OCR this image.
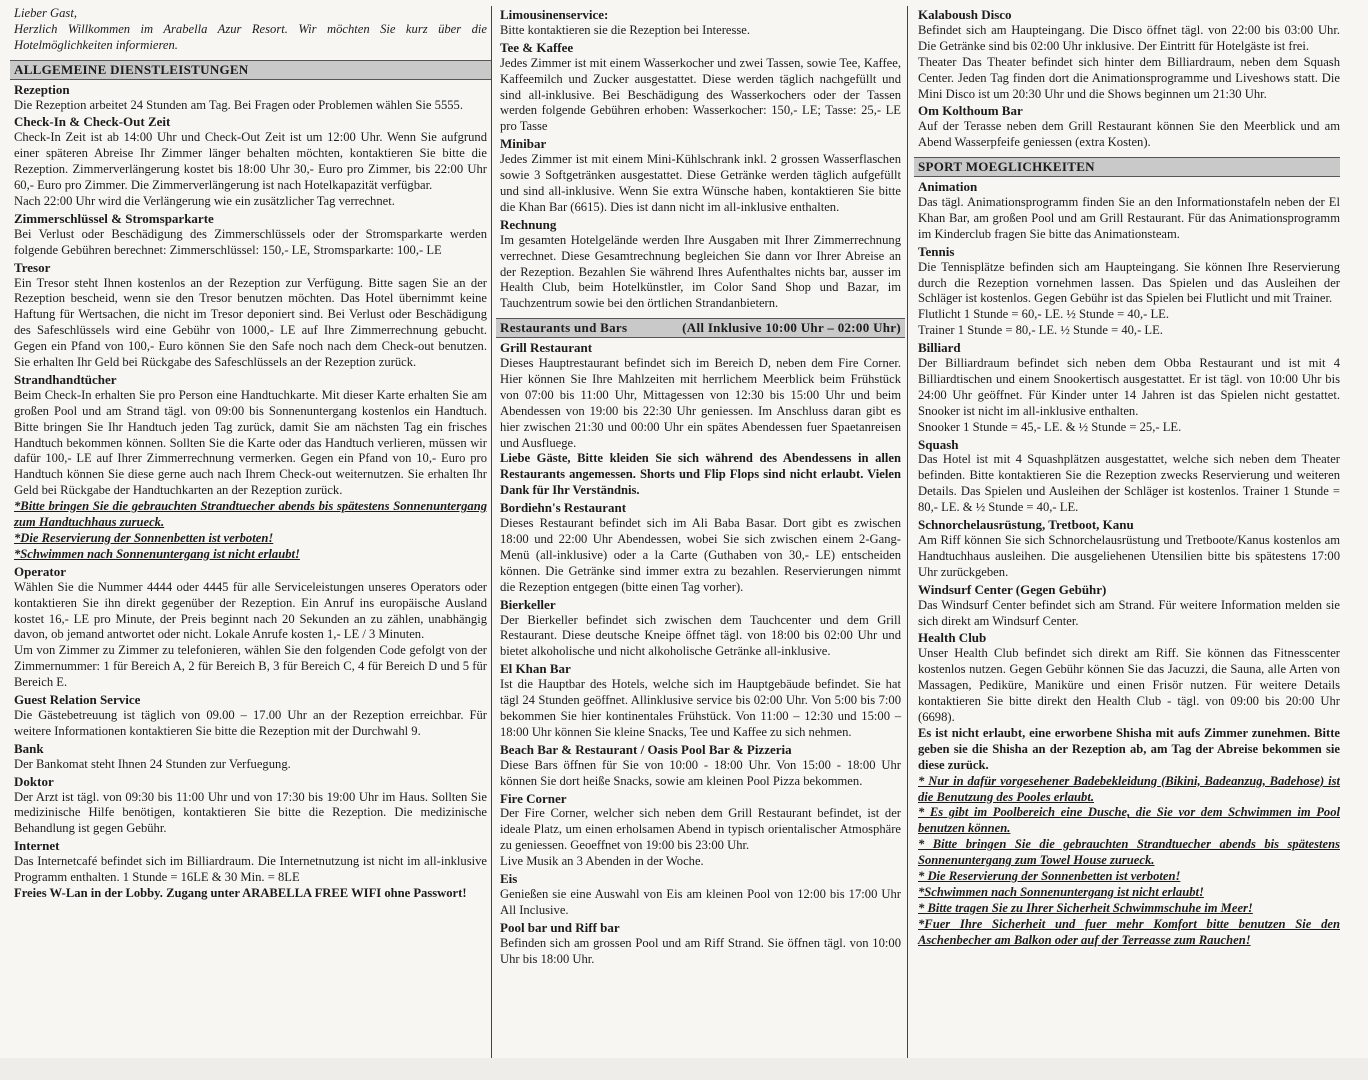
Lieber Gast,
Herzlich Willkommen im Arabella Azur Resort. Wir möchten Sie kurz über die Hotelmöglichkeiten informieren.

ALLGEMEINE DIENSTLEISTUNGEN
Rezeption

Die Rezeption arbeitet 24 Stunden am Tag. Bei Fragen oder Problemen wählen Sie 5555.

Check-In & Check-Out Zeit

Check-In Zeit ist ab 14:00 Uhr und Check-Out Zeit ist um 12:00 Uhr. Wenn Sie aufgrund einer späteren Abreise Ihr Zimmer länger behalten möchten, kontaktieren Sie bitte die Rezeption. Zimmerverlängerung kostet bis 18:00 Uhr 30,- Euro pro Zimmer, bis 22:00 Uhr 60,- Euro pro Zimmer. Die Zimmerverlängerung ist nach Hotelkapazität verfügbar.
Nach 22:00 Uhr wird die Verlängerung wie ein zusätzlicher Tag verrechnet.

Zimmerschlüssel & Stromsparkarte

Bei Verlust oder Beschädigung des Zimmerschlüssels oder der Stromsparkarte werden folgende Gebühren berechnet: Zimmerschlüssel: 150,- LE, Stromsparkarte: 100,- LE

Tresor

Ein Tresor steht Ihnen kostenlos an der Rezeption zur Verfügung. Bitte sagen Sie an der Rezeption bescheid, wenn sie den Tresor benutzen möchten. Das Hotel übernimmt keine Haftung für Wertsachen, die nicht im Tresor deponiert sind. Bei Verlust oder Beschädigung des Safeschlüssels wird eine Gebühr von 1000,- LE auf Ihre Zimmerrechnung gebucht. Gegen ein Pfand von 100,- Euro können Sie den Safe noch nach dem Check-out benutzen. Sie erhalten Ihr Geld bei Rückgabe des Safeschlüssels an der Rezeption zurück.

Strandhandtücher

Beim Check-In erhalten Sie pro Person eine Handtuchkarte. Mit dieser Karte erhalten Sie am großen Pool und am Strand tägl. von 09:00 bis Sonnenuntergang kostenlos ein Handtuch. Bitte bringen Sie Ihr Handtuch jeden Tag zurück, damit Sie am nächsten Tag ein frisches Handtuch bekommen können. Sollten Sie die Karte oder das Handtuch verlieren, müssen wir dafür 100,- LE auf Ihrer Zimmerrechnung vermerken. Gegen ein Pfand von 10,- Euro pro Handtuch können Sie diese gerne auch nach Ihrem Check-out weiternutzen. Sie erhalten Ihr Geld bei Rückgabe der Handtuchkarten an der Rezeption zurück.

*Bitte bringen Sie die gebrauchten Strandtuecher abends bis spätestens Sonnenuntergang zum Handtuchhaus zurueck.

*Die Reservierung der Sonnenbetten ist verboten!

*Schwimmen nach Sonnenuntergang ist nicht erlaubt!

Operator

Wählen Sie die Nummer 4444 oder 4445 für alle Serviceleistungen unseres Operators oder kontaktieren Sie ihn direkt gegenüber der Rezeption. Ein Anruf ins europäische Ausland kostet 16,- LE pro Minute, der Preis beginnt nach 20 Sekunden an zu zählen, unabhängig davon, ob jemand antwortet oder nicht. Lokale Anrufe kosten 1,- LE / 3 Minuten.
Um von Zimmer zu Zimmer zu telefonieren, wählen Sie den folgenden Code gefolgt von der Zimmernummer: 1 für Bereich A, 2 für Bereich B, 3 für Bereich C, 4 für Bereich D und 5 für Bereich E.

Guest Relation Service

Die Gästebetreuung ist täglich von 09.00 – 17.00 Uhr an der Rezeption erreichbar. Für weitere Informationen kontaktieren Sie bitte die Rezeption mit der Durchwahl 9.

Bank

Der Bankomat steht Ihnen 24 Stunden zur Verfuegung.

Doktor

Der Arzt ist tägl. von 09:30 bis 11:00 Uhr und von 17:30 bis 19:00 Uhr im Haus. Sollten Sie medizinische Hilfe benötigen, kontaktieren Sie bitte die Rezeption. Die medizinische Behandlung ist gegen Gebühr.

Internet

Das Internetcafé befindet sich im Billiardraum. Die Internetnutzung ist nicht im all-inklusive Programm enthalten. 1 Stunde = 16LE & 30 Min. = 8LE

Freies W-Lan in der Lobby. Zugang unter ARABELLA FREE WIFI ohne Passwort!

Limousinenservice:

Bitte kontaktieren sie die Rezeption bei Interesse.

Tee & Kaffee

Jedes Zimmer ist mit einem Wasserkocher und zwei Tassen, sowie Tee, Kaffee, Kaffeemilch und Zucker ausgestattet. Diese werden täglich nachgefüllt und sind all-inklusive. Bei Beschädigung des Wasserkochers oder der Tassen werden folgende Gebühren erhoben: Wasserkocher: 150,- LE; Tasse: 25,- LE pro Tasse

Minibar

Jedes Zimmer ist mit einem Mini-Kühlschrank inkl. 2 grossen Wasserflaschen sowie 3 Softgetränken ausgestattet. Diese Getränke werden täglich aufgefüllt und sind all-inklusive. Wenn Sie extra Wünsche haben, kontaktieren Sie bitte die Khan Bar (6615). Dies ist dann nicht im all-inklusive enthalten.

Rechnung

Im gesamten Hotelgelände werden Ihre Ausgaben mit Ihrer Zimmerrechnung verrechnet. Diese Gesamtrechnung begleichen Sie dann vor Ihrer Abreise an der Rezeption. Bezahlen Sie während Ihres Aufenthaltes nichts bar, ausser im Health Club, beim Hotelkünstler, im Color Sand Shop und Bazar, im Tauchzentrum sowie bei den örtlichen Strandanbietern.

Restaurants und Bars	(All Inklusive 10:00 Uhr – 02:00 Uhr)
Grill Restaurant

Dieses Hauptrestaurant befindet sich im Bereich D, neben dem Fire Corner. Hier können Sie Ihre Mahlzeiten mit herrlichem Meerblick beim Frühstück von 07:00 bis 11:00 Uhr, Mittagessen von 12:30 bis 15:00 Uhr und beim Abendessen von 19:00 bis 22:30 Uhr geniessen. Im Anschluss daran gibt es hier zwischen 21:30 und 00:00 Uhr ein spätes Abendessen fuer Spaetanreisen und Ausfluege.

Liebe Gäste, Bitte kleiden Sie sich während des Abendessens in allen Restaurants angemessen. Shorts und Flip Flops sind nicht erlaubt. Vielen Dank für Ihr Verständnis.

Bordiehn's Restaurant

Dieses Restaurant befindet sich im Ali Baba Basar. Dort gibt es zwischen 18:00 und 22:00 Uhr Abendessen, wobei Sie sich zwischen einem 2-Gang-Menü (all-inklusive) oder a la Carte (Guthaben von 30,- LE) entscheiden können. Die Getränke sind immer extra zu bezahlen. Reservierungen nimmt die Rezeption entgegen (bitte einen Tag vorher).

Bierkeller

Der Bierkeller befindet sich zwischen dem Tauchcenter und dem Grill Restaurant. Diese deutsche Kneipe öffnet tägl. von 18:00 bis 02:00 Uhr und bietet alkoholische und nicht alkoholische Getränke all-inklusive.

El Khan Bar

Ist die Hauptbar des Hotels, welche sich im Hauptgebäude befindet. Sie hat tägl 24 Stunden geöffnet. Allinklusive service bis 02:00 Uhr. Von 5:00 bis 7:00 bekommen Sie hier kontinentales Frühstück. Von 11:00 – 12:30 und 15:00 – 18:00 Uhr können Sie kleine Snacks, Tee und Kaffee zu sich nehmen.

Beach Bar & Restaurant / Oasis Pool Bar & Pizzeria

Diese Bars öffnen für Sie von 10:00 - 18:00 Uhr. Von 15:00 - 18:00 Uhr können Sie dort heiße Snacks, sowie am kleinen Pool Pizza bekommen.

Fire Corner

Der Fire Corner, welcher sich neben dem Grill Restaurant befindet, ist der ideale Platz, um einen erholsamen Abend in typisch orientalischer Atmosphäre zu geniessen. Geoeffnet von 19:00 bis 23:00 Uhr.
Live Musik an 3 Abenden in der Woche.

Eis

Genießen sie eine Auswahl von Eis am kleinen Pool von 12:00 bis 17:00 Uhr All Inclusive.

Pool bar und Riff bar

Befinden sich am grossen Pool und am Riff Strand. Sie öffnen tägl. von 10:00 Uhr bis 18:00 Uhr.

Kalaboush Disco

Befindet sich am Haupteingang. Die Disco öffnet tägl. von 22:00 bis 03:00 Uhr. Die Getränke sind bis 02:00 Uhr inklusive. Der Eintritt für Hotelgäste ist frei.
Theater Das Theater befindet sich hinter dem Billiardraum, neben dem Squash Center. Jeden Tag finden dort die Animationsprogramme und Liveshows statt. Die Mini Disco ist um 20:30 Uhr und die Shows beginnen um 21:30 Uhr.

Om Kolthoum Bar

Auf der Terasse neben dem Grill Restaurant können Sie den Meerblick und am Abend Wasserpfeife geniessen (extra Kosten).

SPORT MOEGLICHKEITEN
Animation

Das tägl. Animationsprogramm finden Sie an den Informationstafeln neben der El Khan Bar, am großen Pool und am Grill Restaurant. Für das Animationsprogramm im Kinderclub fragen Sie bitte das Animationsteam.

Tennis

Die Tennisplätze befinden sich am Haupteingang. Sie können Ihre Reservierung durch die Rezeption vornehmen lassen. Das Spielen und das Ausleihen der Schläger ist kostenlos. Gegen Gebühr ist das Spielen bei Flutlicht und mit Trainer.
Flutlicht 1 Stunde = 60,- LE. ½ Stunde = 40,- LE.
Trainer 1 Stunde = 80,- LE. ½ Stunde = 40,- LE.

Billiard

Der Billiardraum befindet sich neben dem Obba Restaurant und ist mit 4 Billiardtischen und einem Snookertisch ausgestattet. Er ist tägl. von 10:00 Uhr bis 24:00 Uhr geöffnet. Für Kinder unter 14 Jahren ist das Spielen nicht gestattet. Snooker ist nicht im all-inklusive enthalten.
Snooker 1 Stunde = 45,- LE. & ½ Stunde = 25,- LE.

Squash

Das Hotel ist mit 4 Squashplätzen ausgestattet, welche sich neben dem Theater befinden. Bitte kontaktieren Sie die Rezeption zwecks Reservierung und weiteren Details. Das Spielen und Ausleihen der Schläger ist kostenlos. Trainer 1 Stunde = 80,- LE. & ½ Stunde = 40,- LE.

Schnorchelausrüstung, Tretboot, Kanu

Am Riff können Sie sich Schnorchelausrüstung und Tretboote/Kanus kostenlos am Handtuchhaus ausleihen. Die ausgeliehenen Utensilien bitte bis spätestens 17:00 Uhr zurückgeben.

Windsurf Center (Gegen Gebühr)

Das Windsurf Center befindet sich am Strand. Für weitere Information melden sie sich direkt am Windsurf Center.

Health Club

Unser Health Club befindet sich direkt am Riff. Sie können das Fitnesscenter kostenlos nutzen. Gegen Gebühr können Sie das Jacuzzi, die Sauna, alle Arten von Massagen, Pediküre, Maniküre und einen Frisör nutzen. Für weitere Details kontaktieren Sie bitte direkt den Health Club - tägl. von 09:00 bis 20:00 Uhr (6698).

Es ist nicht erlaubt, eine erworbene Shisha mit aufs Zimmer zunehmen. Bitte geben sie die Shisha an der Rezeption ab, am Tag der Abreise bekommen sie diese zurück.

* Nur in dafür vorgesehener Badebekleidung (Bikini, Badeanzug, Badehose) ist die Benutzung des Pooles erlaubt.

* Es gibt im Poolbereich eine Dusche, die Sie vor dem Schwimmen im Pool benutzen können.

* Bitte bringen Sie die gebrauchten Strandtuecher abends bis spätestens Sonnenuntergang zum Towel House zurueck.

* Die Reservierung der Sonnenbetten ist verboten!

*Schwimmen nach Sonnenuntergang ist nicht erlaubt!

* Bitte tragen Sie zu Ihrer Sicherheit Schwimmschuhe im Meer!

*Fuer Ihre Sicherheit und fuer mehr Komfort bitte benutzen Sie den Aschenbecher am Balkon oder auf der Terreasse zum Rauchen!
